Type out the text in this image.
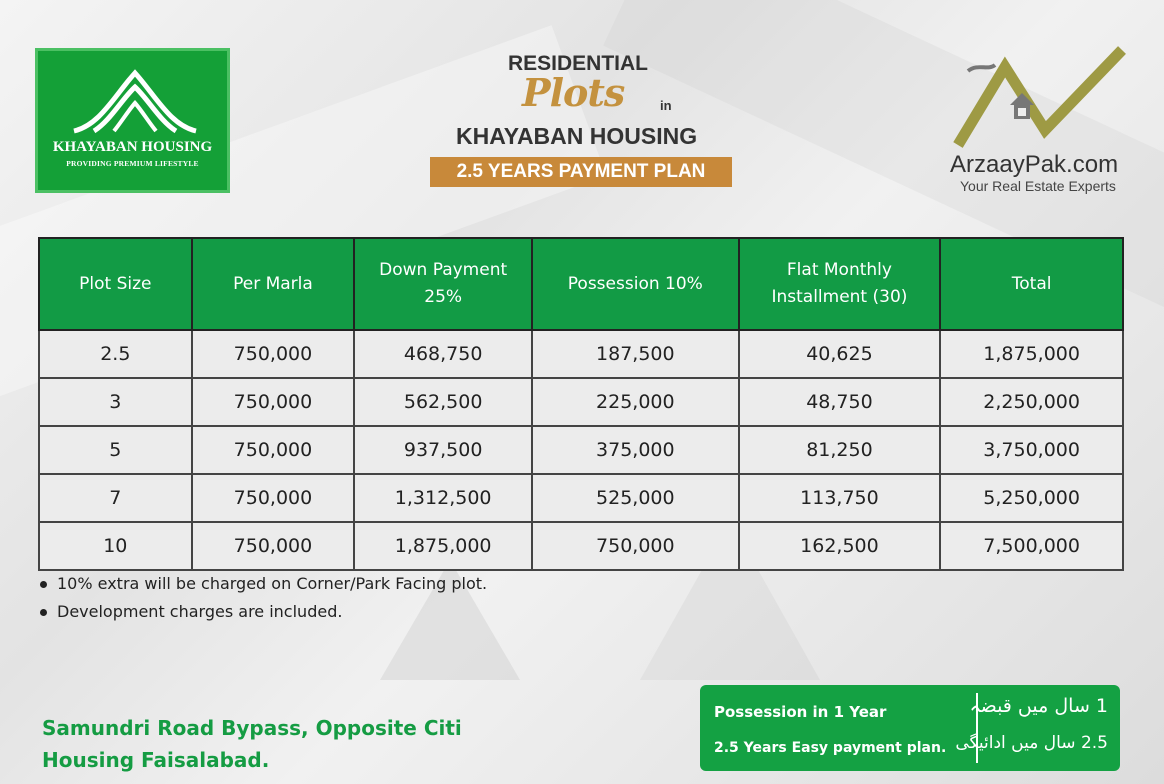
KHAYABAN HOUSING
PROVIDING PREMIUM LIFESTYLE
RESIDENTIAL
Plots	in
KHAYABAN HOUSING
2.5 YEARS PAYMENT PLAN	ArzaayPak.com
Your Real Estate Experts
Plot Size	Per Marla	Down Payment 25%	Possession 10%	Flat Monthly Installment (30)	Total
2.5	750,000	468,750	187,500	40,625	1,875,000
3	750,000	562,500	225,000	48,750	2,250,000
5	750,000	937,500	375,000	81,250	3,750,000
7	750,000	1,312,500	525,000	113,750	5,250,000
10	750,000	1,875,000	750,000	162,500	7,500,000
10% extra will be charged on Corner/Park Facing plot.
Development charges are included.
Samundri Road Bypass, Opposite Citi Housing Faisalabad.
Possession in 1 Year
2.5 Years Easy payment plan.
1 سال میں قبضہ
2.5 سال میں ادائیگی
